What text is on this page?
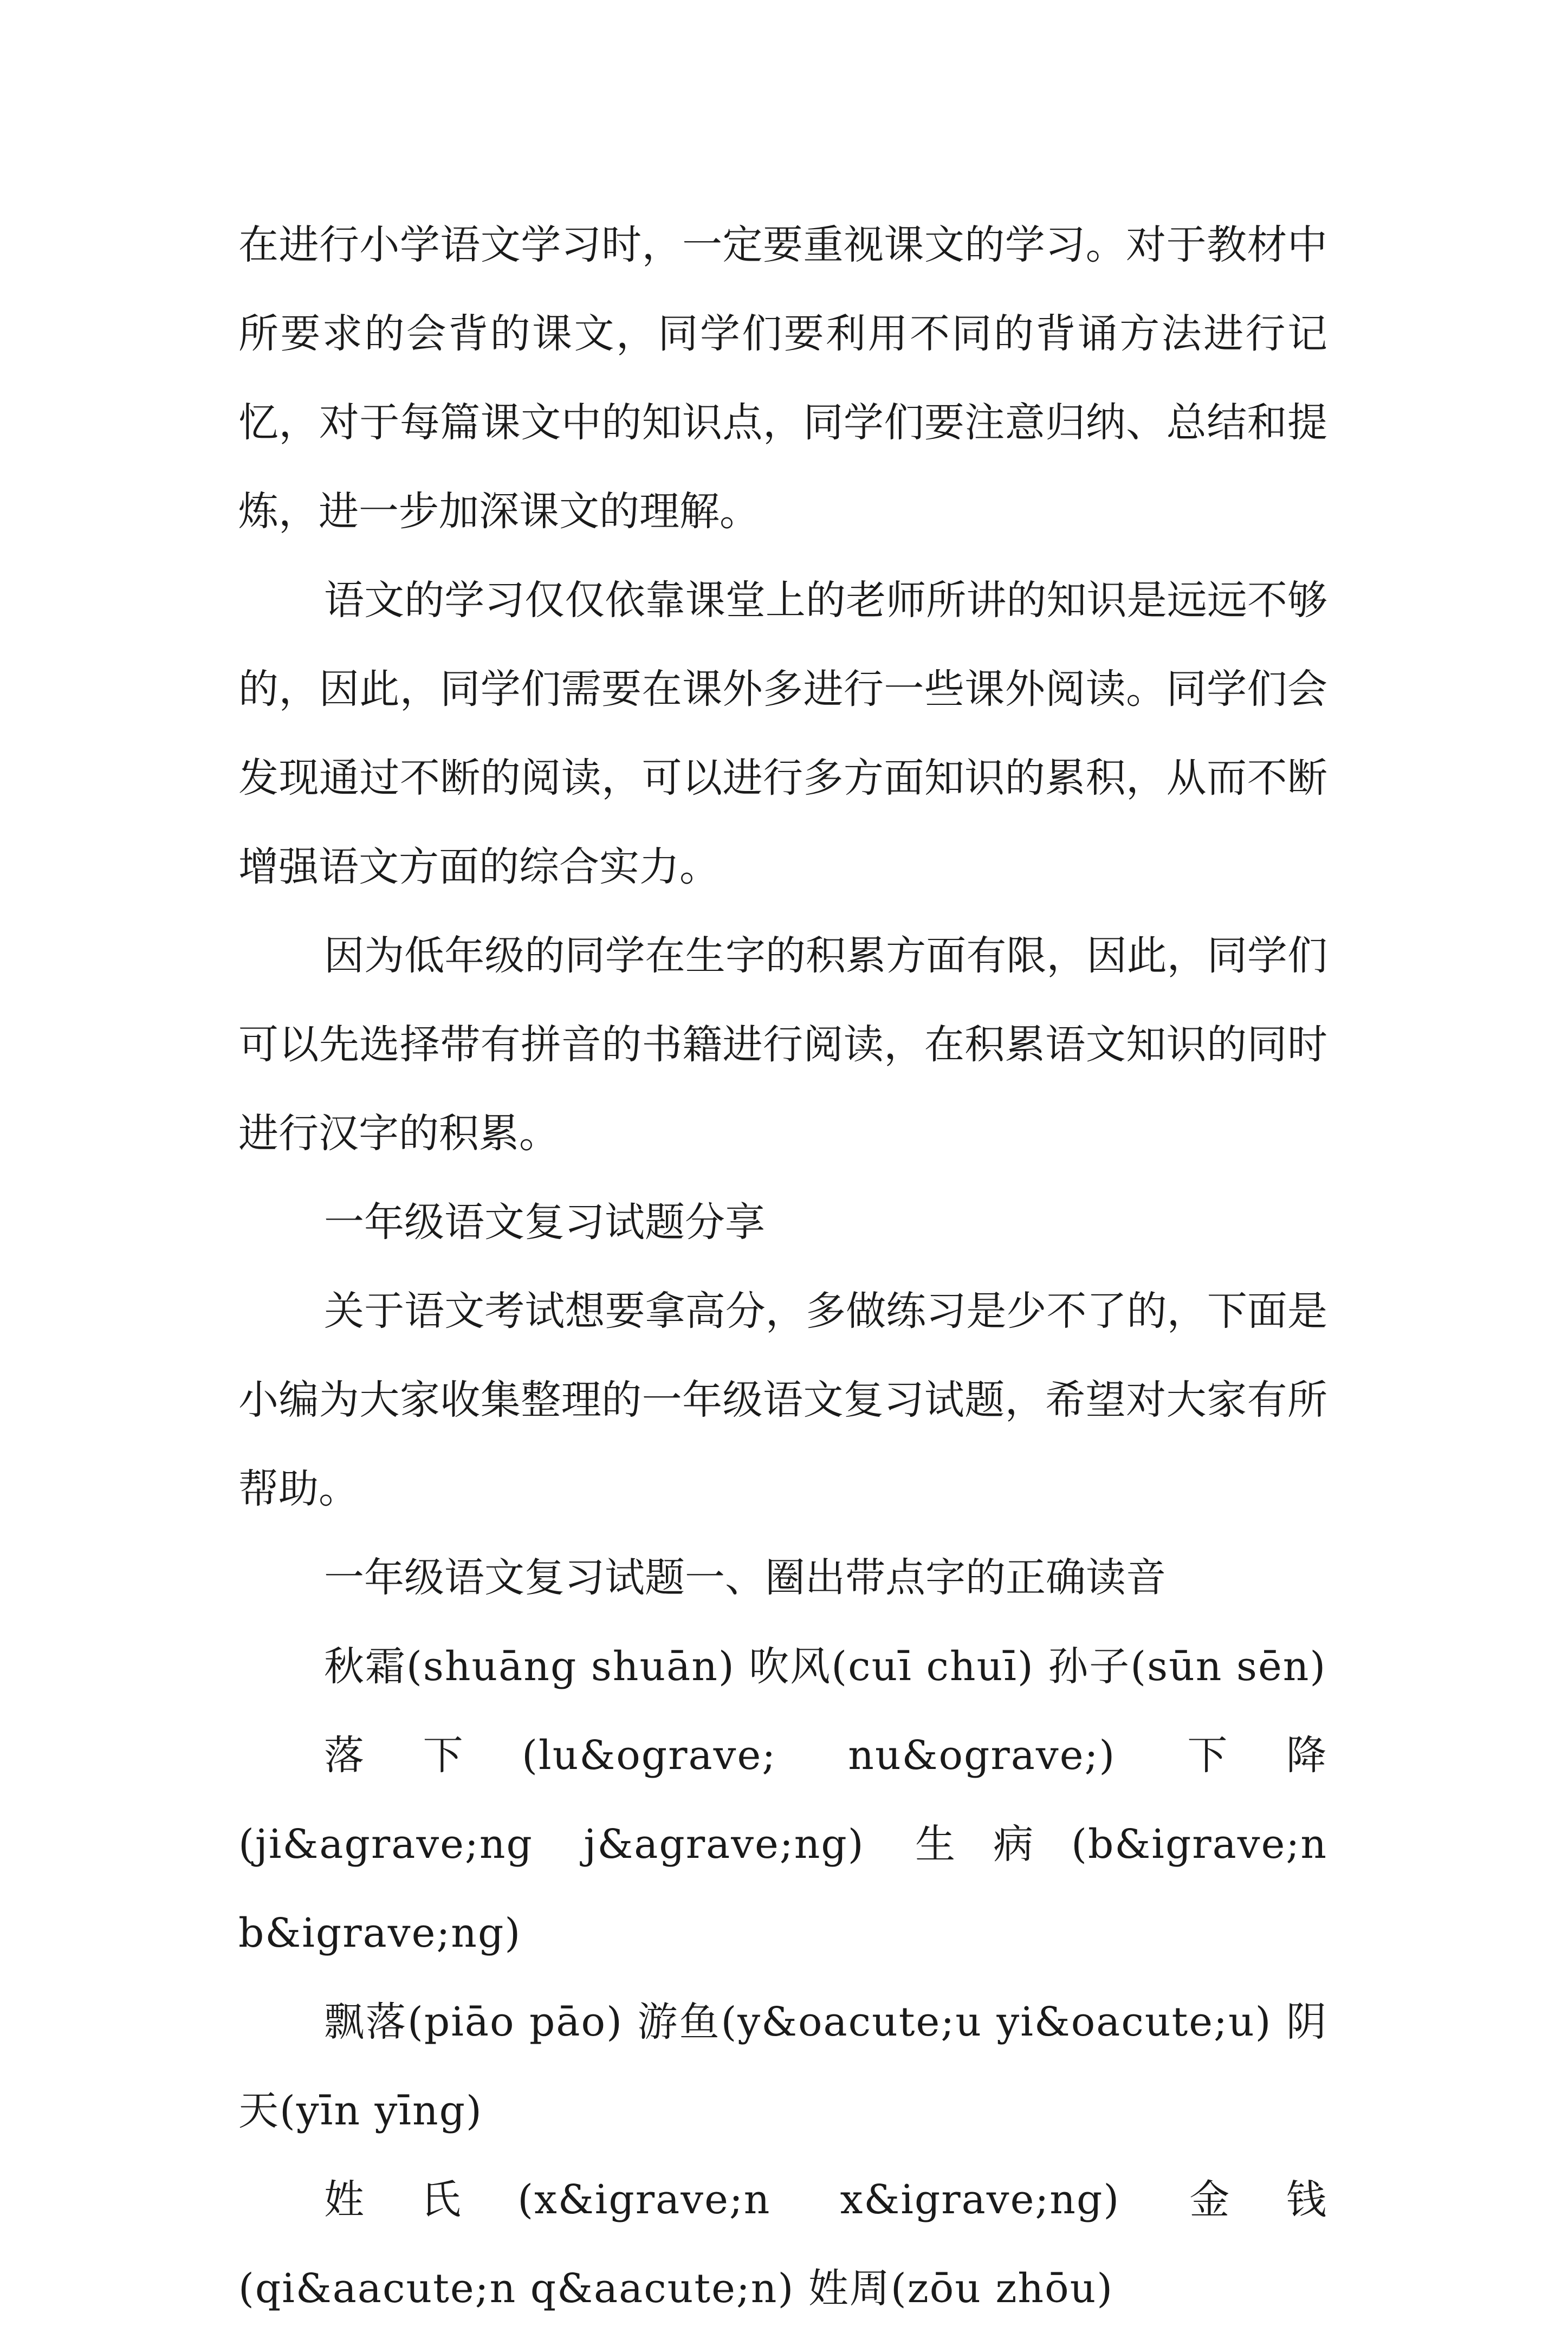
在进行小学语文学习时，一定要重视课文的学习。对于教材中所要求的会背的课文，同学们要利用不同的背诵方法进行记忆，对于每篇课文中的知识点，同学们要注意归纳、总结和提炼，进一步加深课文的理解。

语文的学习仅仅依靠课堂上的老师所讲的知识是远远不够的，因此，同学们需要在课外多进行一些课外阅读。同学们会发现通过不断的阅读，可以进行多方面知识的累积，从而不断增强语文方面的综合实力。

因为低年级的同学在生字的积累方面有限，因此，同学们可以先选择带有拼音的书籍进行阅读，在积累语文知识的同时进行汉字的积累。

一年级语文复习试题分享

关于语文考试想要拿高分，多做练习是少不了的，下面是小编为大家收集整理的一年级语文复习试题，希望对大家有所帮助。

一年级语文复习试题一、圈出带点字的正确读音

秋霜(shuāng shuān) 吹风(cuī chuī) 孙子(sūn sēn)

落下(lu&ograve; nu&ograve;) 下降(ji&agrave;ng j&agrave;ng) 生病(b&igrave;n b&igrave;ng)

飘落(piāo pāo) 游鱼(y&oacute;u yi&oacute;u) 阴天(yīn yīng)

姓氏(x&igrave;n x&igrave;ng) 金钱(qi&aacute;n q&aacute;n) 姓周(zōu zhōu)
